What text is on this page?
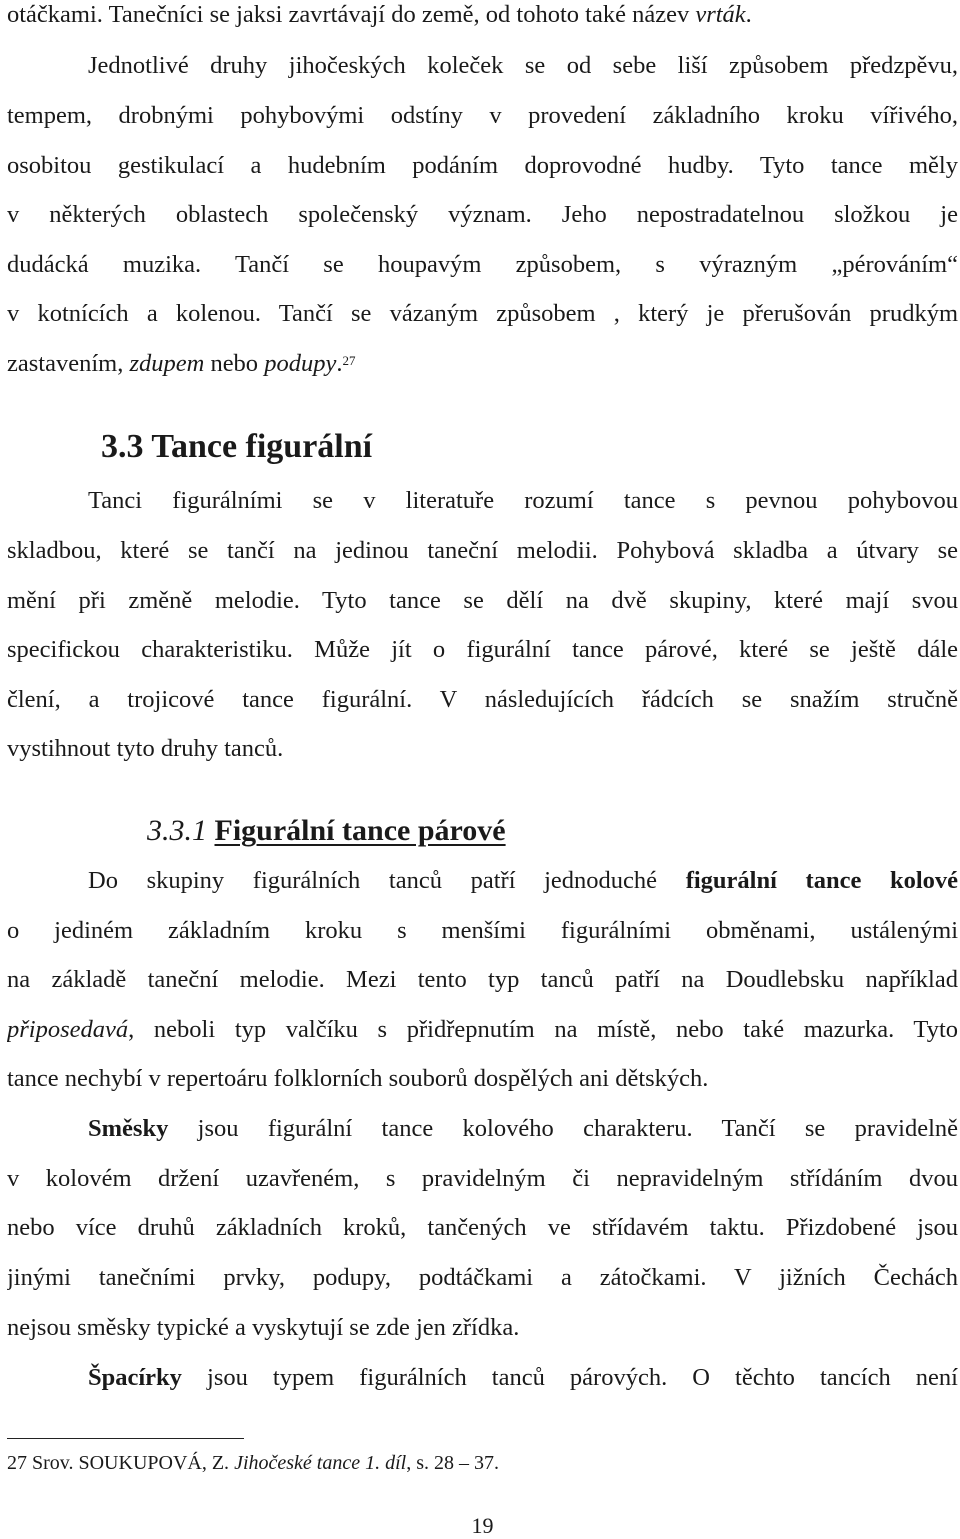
otáčkami. Tanečníci se jaksi zavrtávají do země, od tohoto také název vrták.
Jednotlivé druhy jihočeských koleček se od sebe liší způsobem předzpěvu,
tempem, drobnými pohybovými odstíny v provedení základního kroku vířivého,
osobitou gestikulací a hudebním podáním doprovodné hudby. Tyto tance měly
v některých oblastech společenský význam. Jeho nepostradatelnou složkou je
dudácká muzika. Tančí se houpavým způsobem, s výrazným „pérováním“
v kotnících a kolenou. Tančí se vázaným způsobem , který je přerušován prudkým
zastavením, zdupem nebo podupy.$^{27}$
3.3 Tance figurální
Tanci figurálními se v literatuře rozumí tance s pevnou pohybovou
skladbou, které se tančí na jedinou taneční melodii. Pohybová skladba a útvary se
mění při změně melodie. Tyto tance se dělí na dvě skupiny, které mají svou
specifickou charakteristiku. Může jít o figurální tance párové, které se ještě dále
člení, a trojicové tance figurální. V následujících řádcích se snažím stručně
vystihnout tyto druhy tanců.
3.3.1 Figurální tance párové
Do skupiny figurálních tanců patří jednoduché figurální tance kolové
o jediném základním kroku s menšími figurálními obměnami, ustálenými
na základě taneční melodie. Mezi tento typ tanců patří na Doudlebsku například
připosedavá, neboli typ valčíku s přidřepnutím na místě, nebo také mazurka. Tyto
tance nechybí v repertoáru folklorních souborů dospělých ani dětských.
Směsky jsou figurální tance kolového charakteru. Tančí se pravidelně
v kolovém držení uzavřeném, s pravidelným či nepravidelným střídáním dvou
nebo více druhů základních kroků, tančených ve střídavém taktu. Přizdobené jsou
jinými tanečními prvky, podupy, podtáčkami a zátočkami. V jižních Čechách
nejsou směsky typické a vyskytují se zde jen zřídka.
Špacírky jsou typem figurálních tanců párových. O těchto tancích není
27 Srov. SOUKUPOVÁ, Z. Jihočeské tance 1. díl, s. 28 – 37.
19
